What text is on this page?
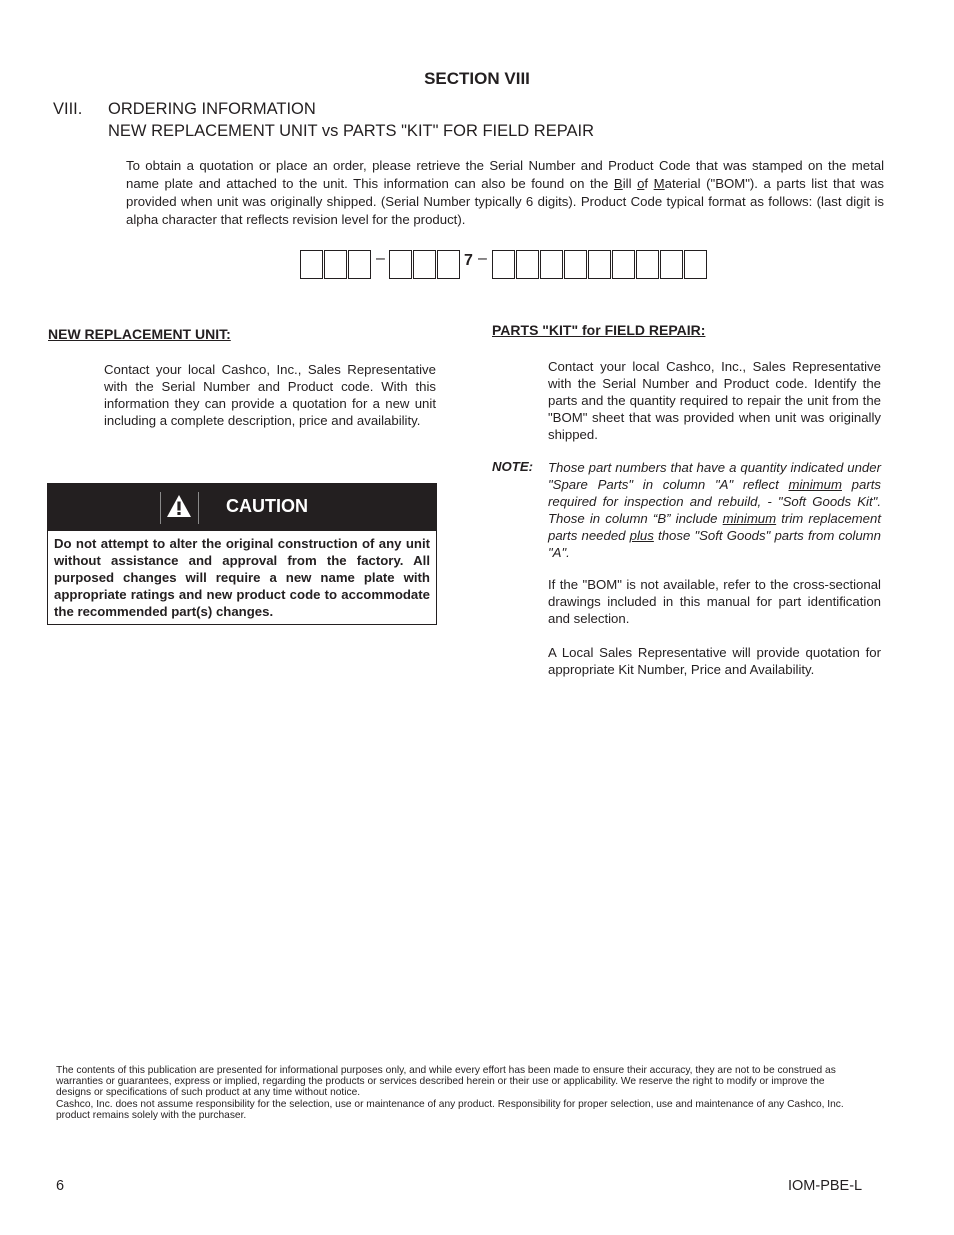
SECTION VIII
VIII. ORDERING INFORMATION
NEW REPLACEMENT UNIT vs PARTS "KIT" FOR FIELD REPAIR
To obtain a quotation or place an order, please retrieve the Serial Number and Product Code that was stamped on the metal name plate and attached to the unit. This information can also be found on the Bill of Material ("BOM"). a parts list that was provided when unit was originally shipped. (Serial Number typically 6 digits). Product Code typical format as follows: (last digit is alpha character that reflects revision level for the product).
–	7 –
NEW REPLACEMENT UNIT:
Contact your local Cashco, Inc., Sales Representative with the Serial Number and Product code. With this information they can provide a quotation for a new unit including a complete description, price and availability.
CAUTION
Do not attempt to alter the original construction of any unit without assistance and approval from the factory. All purposed changes will require a new name plate with appropriate ratings and new product code to accommodate the recommended part(s) changes.
PARTS "KIT" for FIELD REPAIR:
Contact your local Cashco, Inc., Sales Representative with the Serial Number and Product code. Identify the parts and the quantity required to repair the unit from the "BOM" sheet that was provided when unit was originally shipped.
NOTE: Those part numbers that have a quantity indicated under "Spare Parts" in column "A" reflect minimum parts required for inspection and rebuild, - "Soft Goods Kit". Those in column “B” include minimum trim replacement parts needed plus those "Soft Goods" parts from column "A".
If the "BOM" is not available, refer to the cross-sectional drawings included in this manual for part identification and selection.
A Local Sales Representative will provide quotation for appropriate Kit Number, Price and Availability.
The contents of this publication are presented for informational purposes only, and while every effort has been made to ensure their accuracy, they are not to be construed as warranties or guarantees, express or implied, regarding the products or services described herein or their use or applicability. We reserve the right to modify or improve the designs or specifications of such product at any time without notice.
Cashco, Inc. does not assume responsibility for the selection, use or maintenance of any product. Responsibility for proper selection, use and maintenance of any Cashco, Inc. product remains solely with the purchaser.
6	IOM-PBE-L
